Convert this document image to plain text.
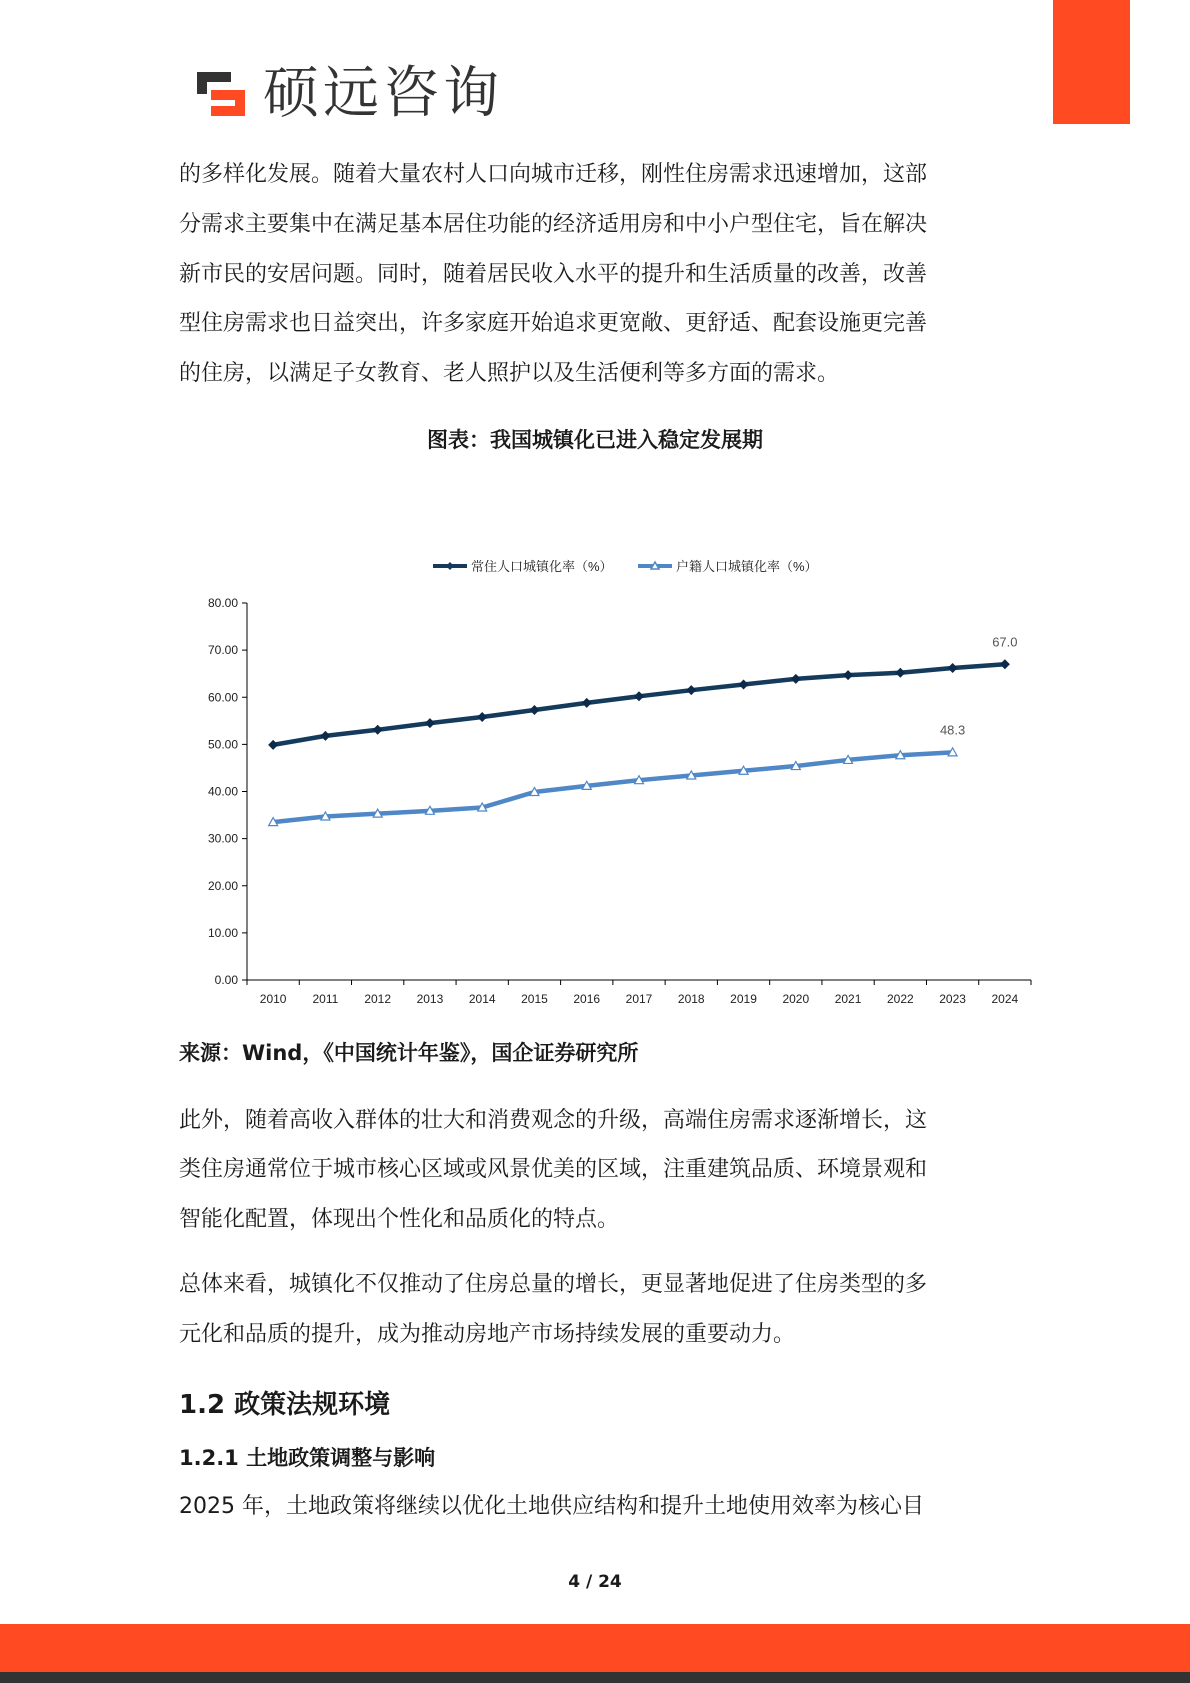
硕远咨询

的多样化发展。随着大量农村人口向城市迁移，刚性住房需求迅速增加，这部

分需求主要集中在满足基本居住功能的经济适用房和中小户型住宅，旨在解决

新市民的安居问题。同时，随着居民收入水平的提升和生活质量的改善，改善

型住房需求也日益突出，许多家庭开始追求更宽敞、更舒适、配套设施更完善

的住房，以满足子女教育、老人照护以及生活便利等多方面的需求。

图表：我国城镇化已进入稳定发展期
0.00
10.00
20.00
30.00
40.00
50.00
60.00
70.00
80.00
2010 2011 2012 2013 2014 2015 2016 2017 2018 2019 2020 2021 2022 2023 2024
常住人口城镇化率（%）	户籍人口城镇化率（%）
67.0
48.3
来源：Wind，《中国统计年鉴》，国企证券研究所

此外，随着高收入群体的壮大和消费观念的升级，高端住房需求逐渐增长，这

类住房通常位于城市核心区域或风景优美的区域，注重建筑品质、环境景观和

智能化配置，体现出个性化和品质化的特点。

总体来看，城镇化不仅推动了住房总量的增长，更显著地促进了住房类型的多

元化和品质的提升，成为推动房地产市场持续发展的重要动力。

1.2 政策法规环境
1.2.1 土地政策调整与影响

2025 年，土地政策将继续以优化土地供应结构和提升土地使用效率为核心目

4 / 24
